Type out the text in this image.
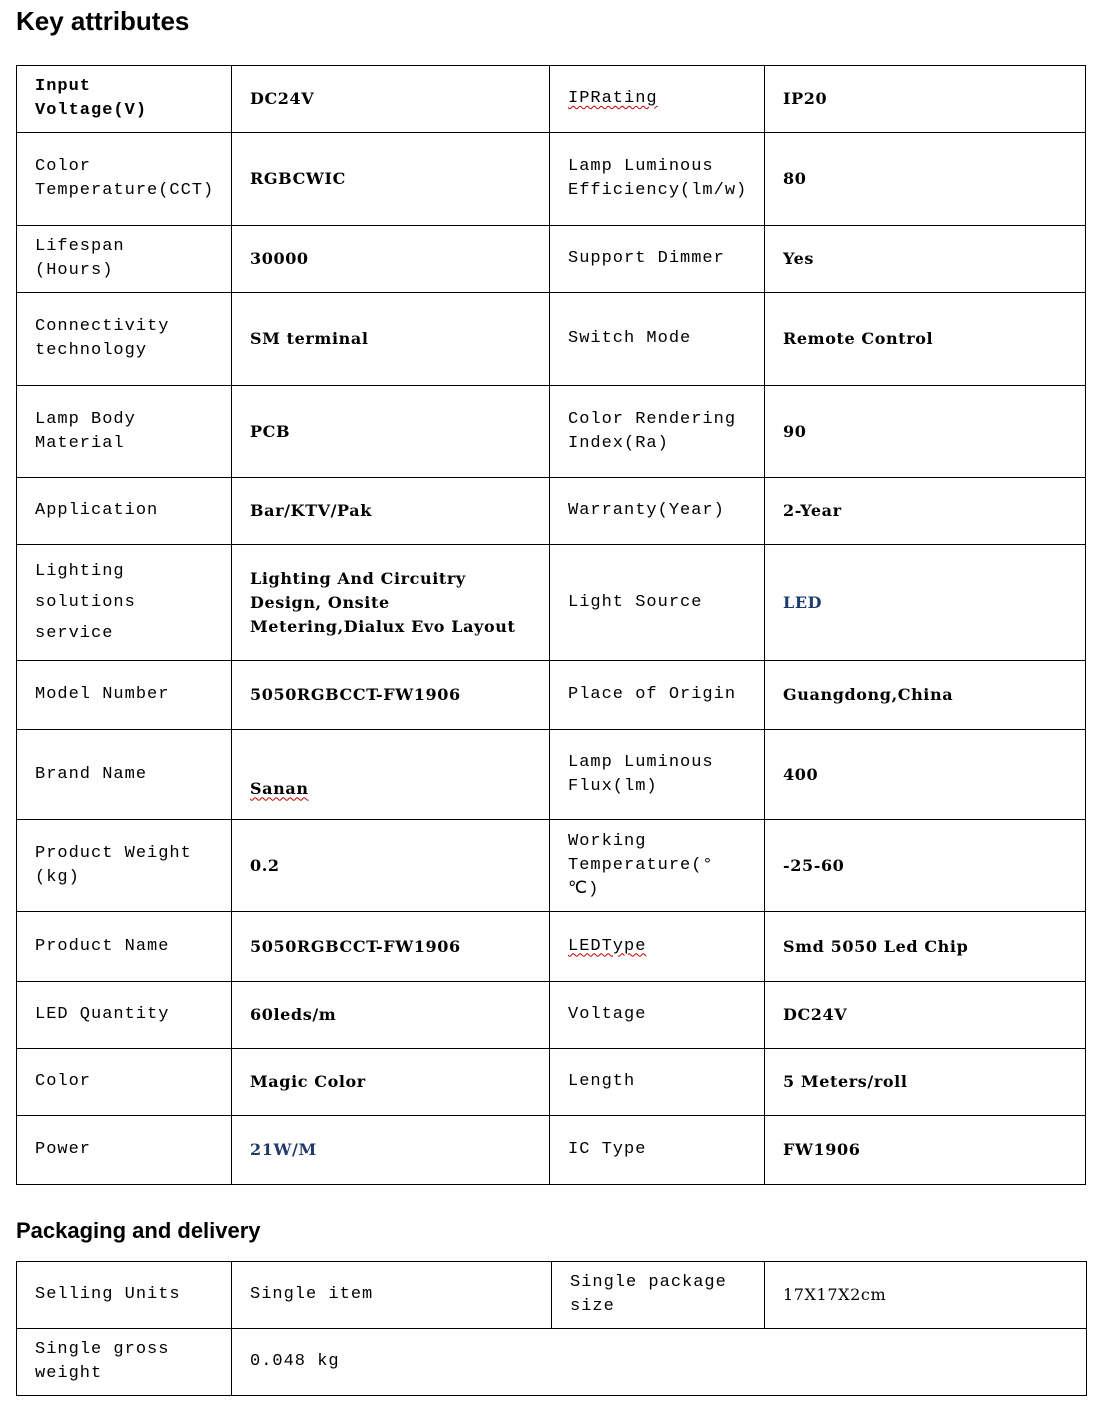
Key attributes
Input Voltage(V)	DC24V	IPRating	IP20
Color Temperature(CCT)	RGBCWIC	Lamp Luminous Efficiency(lm/w)	80
Lifespan (Hours)	30000	Support Dimmer	Yes
Connectivity technology	SM terminal	Switch Mode	Remote Control
Lamp Body Material	PCB	Color Rendering Index(Ra)	90
Application	Bar/KTV/Pak	Warranty(Year)	2-Year
Lighting solutions service	Lighting And Circuitry Design, Onsite Metering,Dialux Evo Layout	Light Source	LED
Model Number	5050RGBCCT-FW1906	Place of Origin	Guangdong,China
Brand Name	Sanan	Lamp Luminous Flux(lm)	400
Product Weight (kg)	0.2	Working Temperature(° ℃)	-25-60
Product Name	5050RGBCCT-FW1906	LEDType	Smd 5050 Led Chip
LED Quantity	60leds/m	Voltage	DC24V
Color	Magic Color	Length	5 Meters/roll
Power	21W/M	IC Type	FW1906
Packaging and delivery
Selling Units	Single item	Single package size	17X17X2cm
Single gross weight	0.048 kg		
